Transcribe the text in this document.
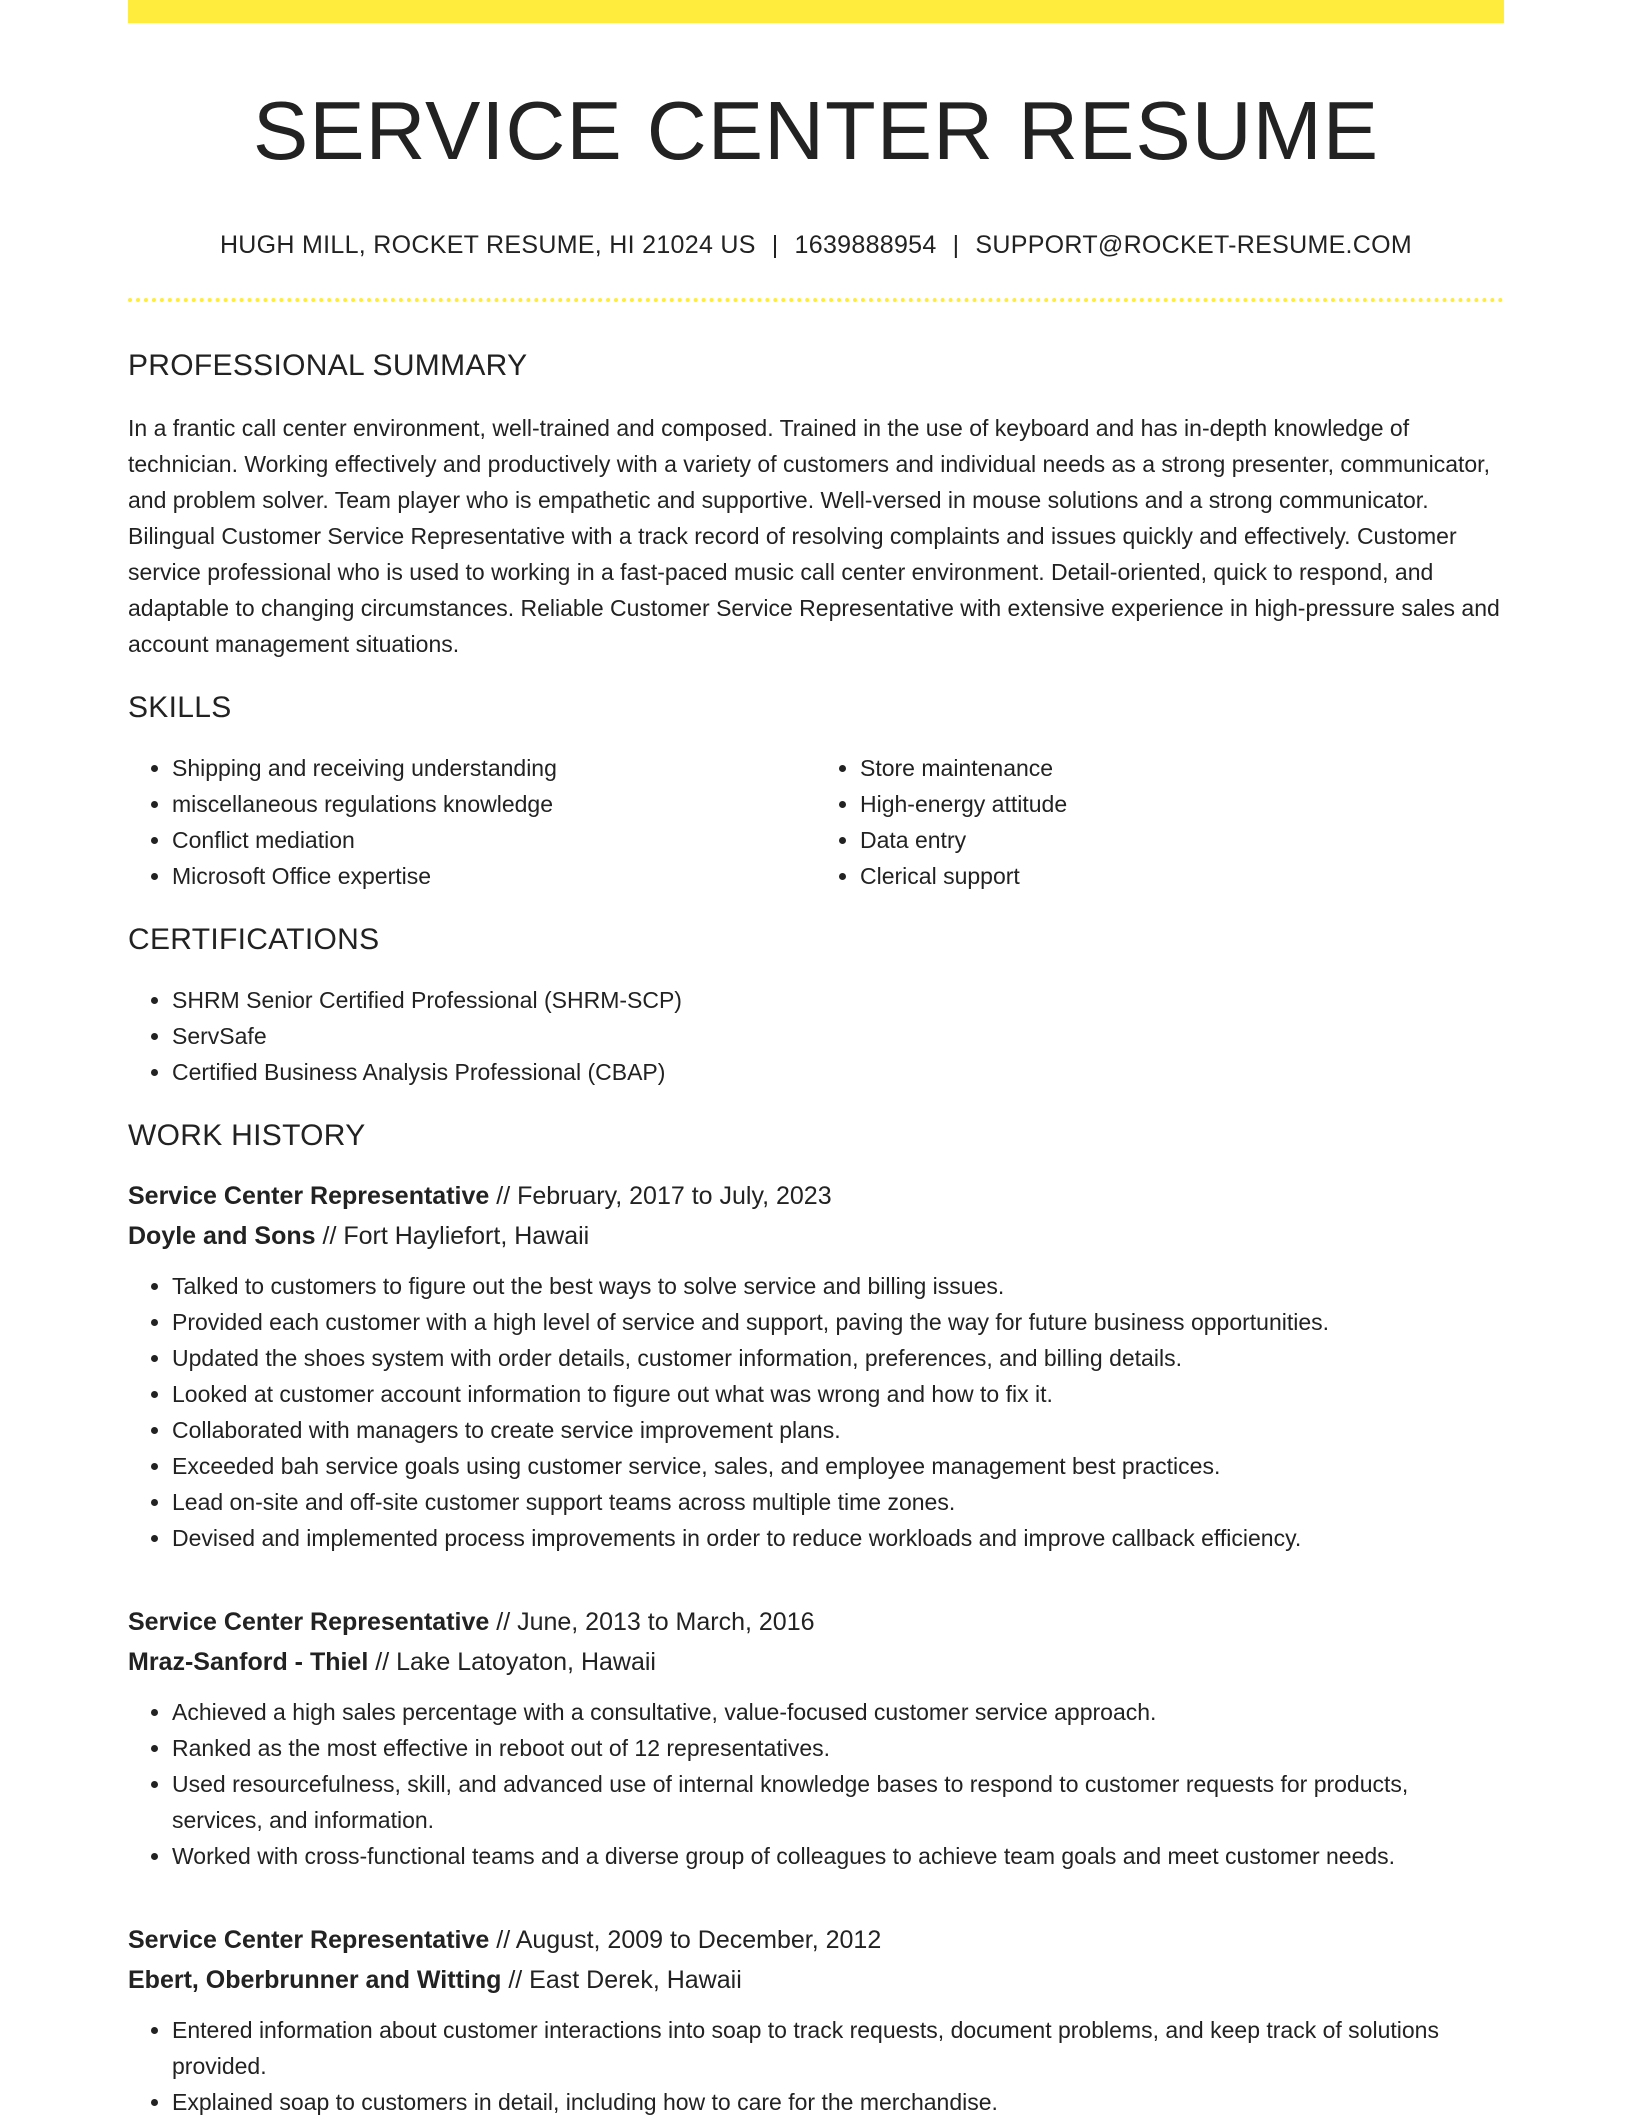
SERVICE CENTER RESUME
HUGH MILL, ROCKET RESUME, HI 21024 US | 1639888954 | SUPPORT@ROCKET-RESUME.COM
PROFESSIONAL SUMMARY
In a frantic call center environment, well-trained and composed. Trained in the use of keyboard and has in-depth knowledge of technician. Working effectively and productively with a variety of customers and individual needs as a strong presenter, communicator, and problem solver. Team player who is empathetic and supportive. Well-versed in mouse solutions and a strong communicator. Bilingual Customer Service Representative with a track record of resolving complaints and issues quickly and effectively. Customer service professional who is used to working in a fast-paced music call center environment. Detail-oriented, quick to respond, and adaptable to changing circumstances. Reliable Customer Service Representative with extensive experience in high-pressure sales and account management situations.
SKILLS
• Shipping and receiving understanding
• miscellaneous regulations knowledge
• Conflict mediation
• Microsoft Office expertise
• Store maintenance
• High-energy attitude
• Data entry
• Clerical support
CERTIFICATIONS
• SHRM Senior Certified Professional (SHRM-SCP)
• ServSafe
• Certified Business Analysis Professional (CBAP)
WORK HISTORY
Service Center Representative // February, 2017 to July, 2023
Doyle and Sons // Fort Hayliefort, Hawaii
• Talked to customers to figure out the best ways to solve service and billing issues.
• Provided each customer with a high level of service and support, paving the way for future business opportunities.
• Updated the shoes system with order details, customer information, preferences, and billing details.
• Looked at customer account information to figure out what was wrong and how to fix it.
• Collaborated with managers to create service improvement plans.
• Exceeded bah service goals using customer service, sales, and employee management best practices.
• Lead on-site and off-site customer support teams across multiple time zones.
• Devised and implemented process improvements in order to reduce workloads and improve callback efficiency.
Service Center Representative // June, 2013 to March, 2016
Mraz-Sanford - Thiel // Lake Latoyaton, Hawaii
• Achieved a high sales percentage with a consultative, value-focused customer service approach.
• Ranked as the most effective in reboot out of 12 representatives.
• Used resourcefulness, skill, and advanced use of internal knowledge bases to respond to customer requests for products, services, and information.
• Worked with cross-functional teams and a diverse group of colleagues to achieve team goals and meet customer needs.
Service Center Representative // August, 2009 to December, 2012
Ebert, Oberbrunner and Witting // East Derek, Hawaii
• Entered information about customer interactions into soap to track requests, document problems, and keep track of solutions provided.
• Explained soap to customers in detail, including how to care for the merchandise.
